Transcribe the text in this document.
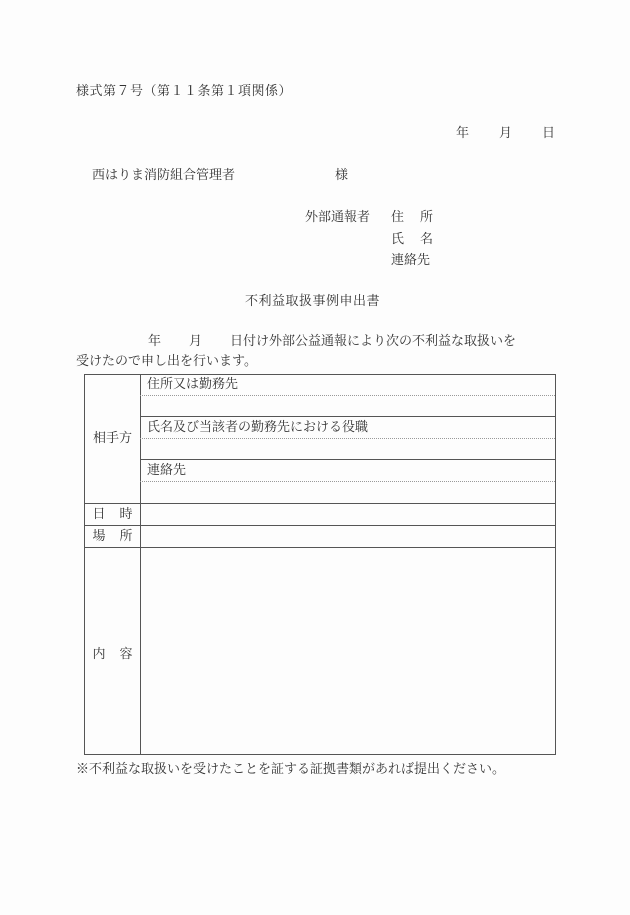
様式第７号（第１１条第１項関係）
年 月 日
西はりま消防組合管理者	様
外部通報者 住 所
氏 名
連絡先
不利益取扱事例申出書
年 月 日付け外部公益通報により次の不利益な取扱いを
受けたので申し出を行います。
相手方
住所又は勤務先
氏名及び当該者の勤務先における役職
連絡先
日 時
場 所
内 容
※不利益な取扱いを受けたことを証する証拠書類があれば提出ください。
